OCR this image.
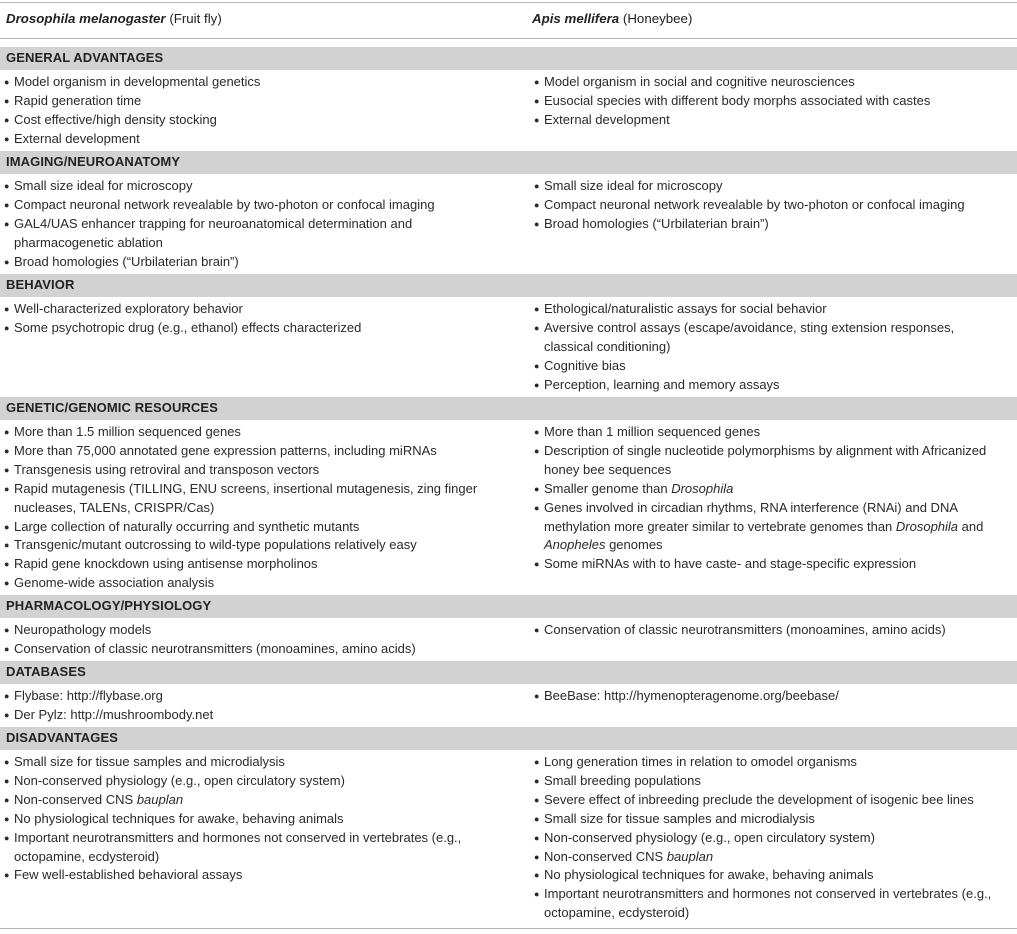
Drosophila melanogaster (Fruit fly)	Apis mellifera (Honeybee)
GENERAL ADVANTAGES
● Model organism in developmental genetics
● Rapid generation time
● Cost effective/high density stocking
● External development
● Model organism in social and cognitive neurosciences
● Eusocial species with different body morphs associated with castes
● External development
IMAGING/NEUROANATOMY
● Small size ideal for microscopy
● Compact neuronal network revealable by two-photon or confocal imaging
● GAL4/UAS enhancer trapping for neuroanatomical determination and
pharmacogenetic ablation
● Broad homologies (“Urbilaterian brain”)
● Small size ideal for microscopy
● Compact neuronal network revealable by two-photon or confocal imaging
● Broad homologies (“Urbilaterian brain”)
BEHAVIOR
● Well-characterized exploratory behavior
● Some psychotropic drug (e.g., ethanol) effects characterized
● Ethological/naturalistic assays for social behavior
● Aversive control assays (escape/avoidance, sting extension responses,
classical conditioning)
● Cognitive bias
● Perception, learning and memory assays
GENETIC/GENOMIC RESOURCES
● More than 1.5 million sequenced genes
● More than 75,000 annotated gene expression patterns, including miRNAs
● Transgenesis using retroviral and transposon vectors
● Rapid mutagenesis (TILLING, ENU screens, insertional mutagenesis, zing finger
nucleases, TALENs, CRISPR/Cas)
● Large collection of naturally occurring and synthetic mutants
● Transgenic/mutant outcrossing to wild-type populations relatively easy
● Rapid gene knockdown using antisense morpholinos
● Genome-wide association analysis
● More than 1 million sequenced genes
● Description of single nucleotide polymorphisms by alignment with Africanized
honey bee sequences
● Smaller genome than Drosophila
● Genes involved in circadian rhythms, RNA interference (RNAi) and DNA
methylation more greater similar to vertebrate genomes than Drosophila and
Anopheles genomes
● Some miRNAs with to have caste- and stage-specific expression
PHARMACOLOGY/PHYSIOLOGY
● Neuropathology models
● Conservation of classic neurotransmitters (monoamines, amino acids)
● Conservation of classic neurotransmitters (monoamines, amino acids)
DATABASES
● Flybase: http://flybase.org
● Der Pylz: http://mushroombody.net
● BeeBase: http://hymenopteragenome.org/beebase/
DISADVANTAGES
● Small size for tissue samples and microdialysis
● Non-conserved physiology (e.g., open circulatory system)
● Non-conserved CNS bauplan
● No physiological techniques for awake, behaving animals
● Important neurotransmitters and hormones not conserved in vertebrates (e.g.,
octopamine, ecdysteroid)
● Few well-established behavioral assays
● Long generation times in relation to omodel organisms
● Small breeding populations
● Severe effect of inbreeding preclude the development of isogenic bee lines
● Small size for tissue samples and microdialysis
● Non-conserved physiology (e.g., open circulatory system)
● Non-conserved CNS bauplan
● No physiological techniques for awake, behaving animals
● Important neurotransmitters and hormones not conserved in vertebrates (e.g.,
octopamine, ecdysteroid)
